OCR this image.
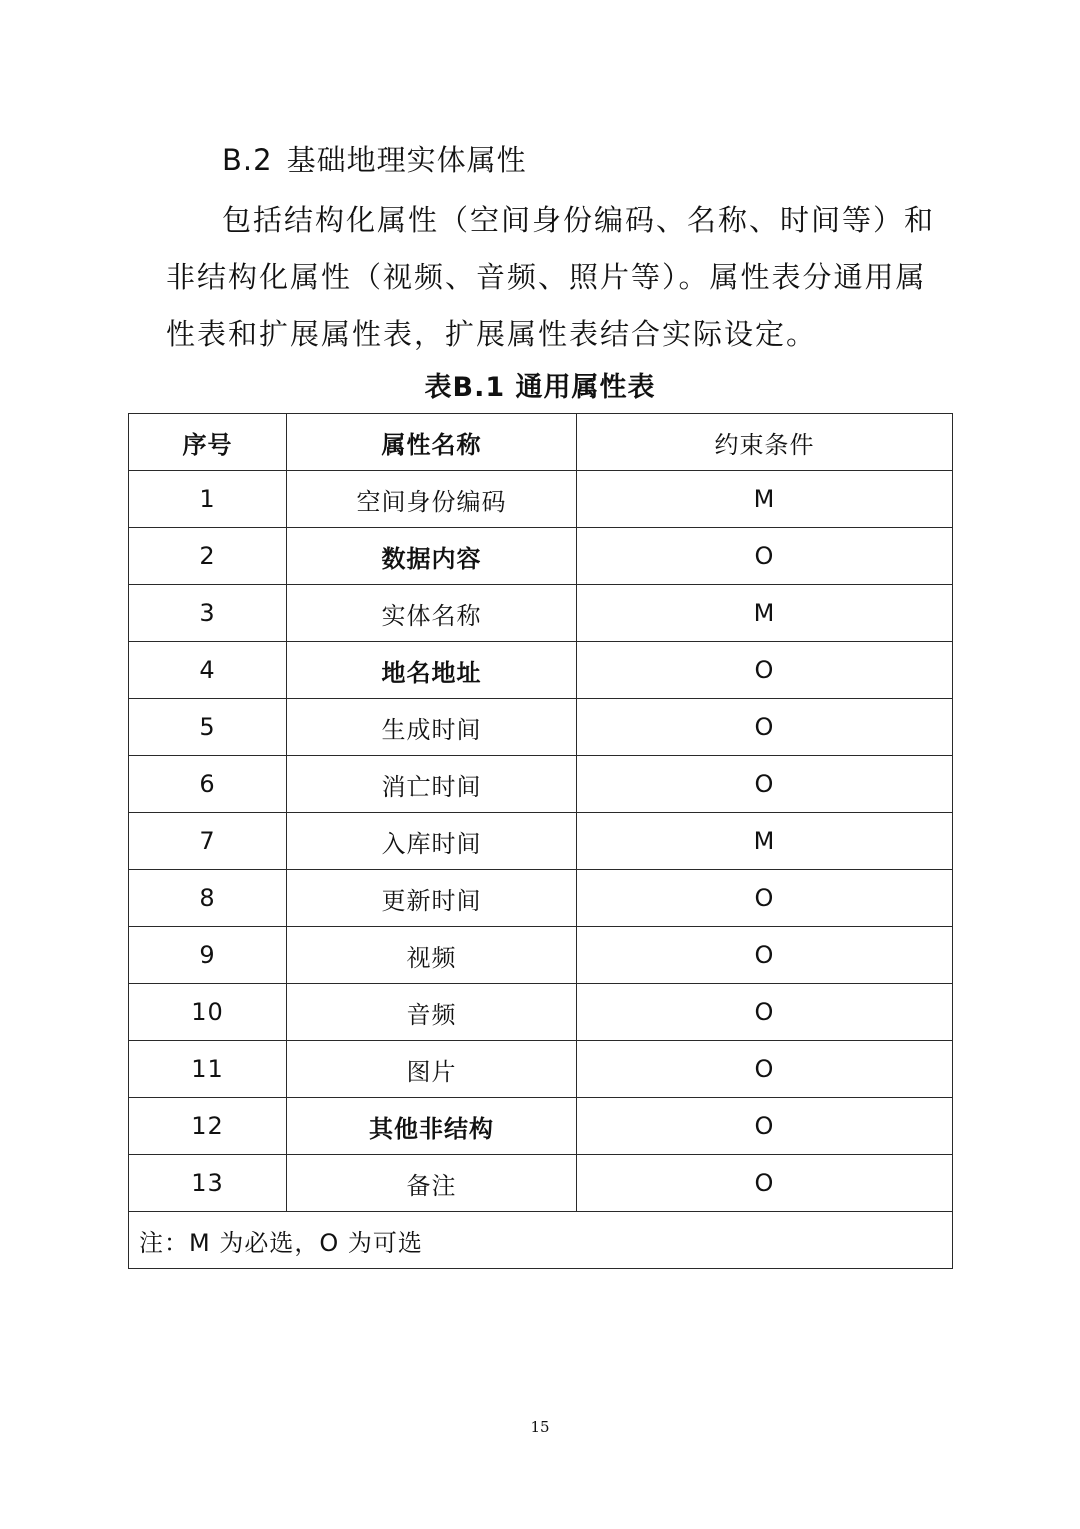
B.2 基础地理实体属性
包括结构化属性（空间身份编码、名称、时间等）和
非结构化属性（视频、音频、照片等）。属性表分通用属
性表和扩展属性表，扩展属性表结合实际设定。
表B.1 通用属性表
序号	属性名称	约束条件
1	空间身份编码	M
2	数据内容	O
3	实体名称	M
4	地名地址	O
5	生成时间	O
6	消亡时间	O
7	入库时间	M
8	更新时间	O
9	视频	O
10	音频	O
11	图片	O
12	其他非结构	O
13	备注	O
注：M 为必选，O 为可选		
15
